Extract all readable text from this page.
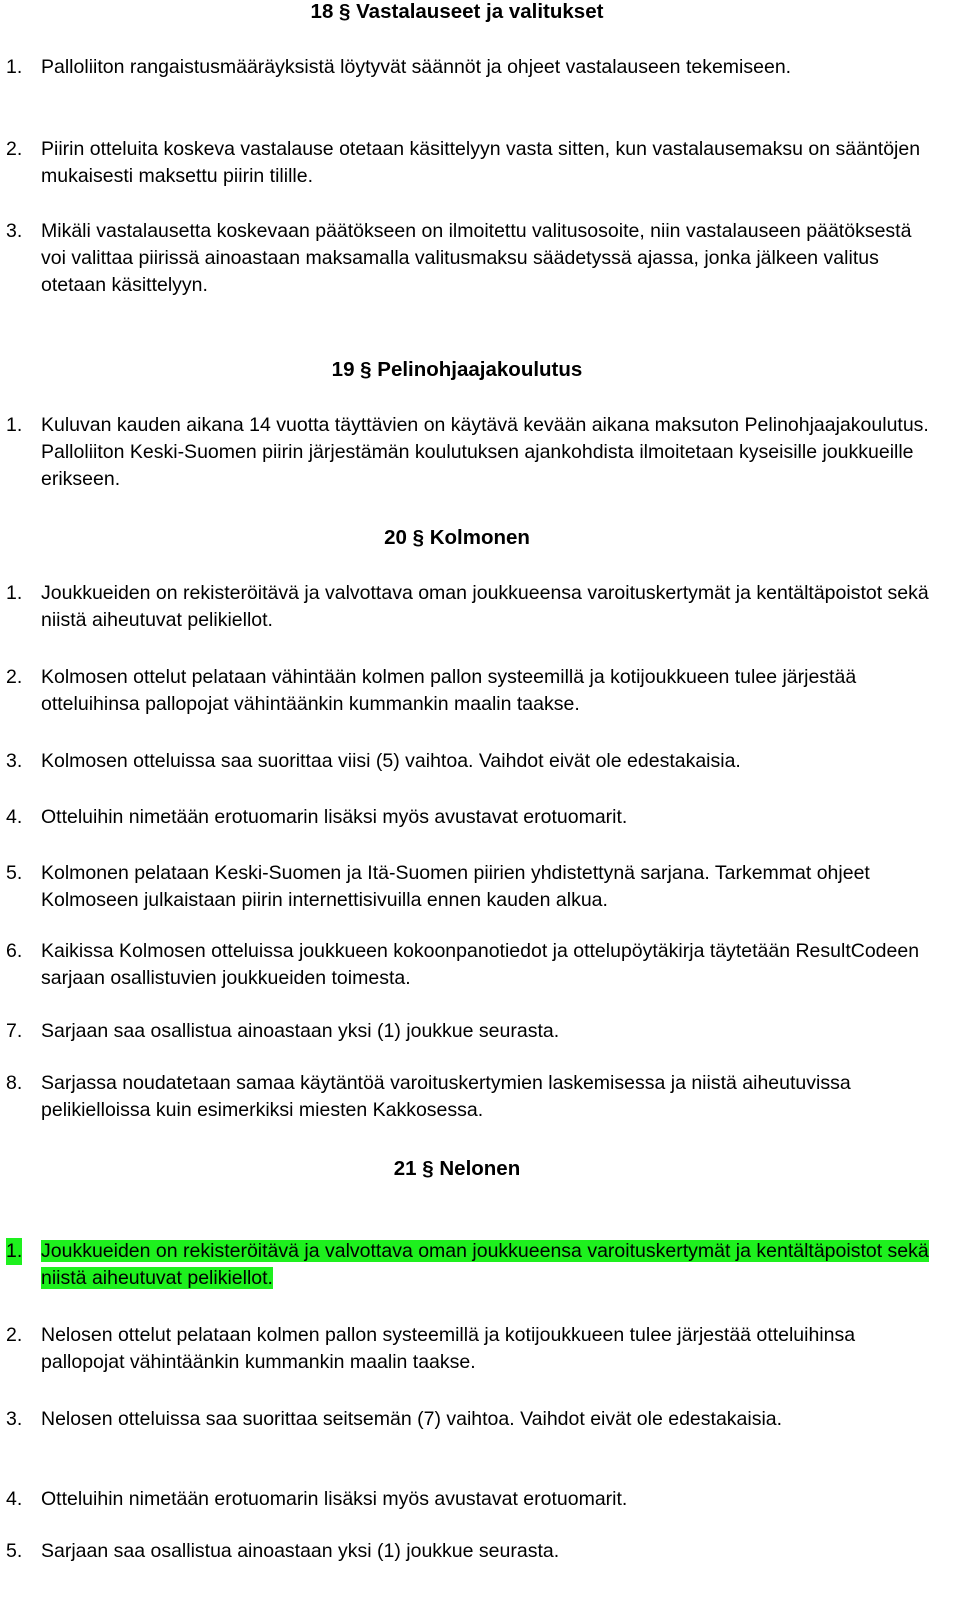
18 § Vastalauseet ja valitukset

1. Palloliiton rangaistusmääräyksistä löytyvät säännöt ja ohjeet vastalauseen tekemiseen.

2. Piirin otteluita koskeva vastalause otetaan käsittelyyn vasta sitten, kun vastalausemaksu on sääntöjen mukaisesti maksettu piirin tilille.

3. Mikäli vastalausetta koskevaan päätökseen on ilmoitettu valitusosoite, niin vastalauseen päätöksestä voi valittaa piirissä ainoastaan maksamalla valitusmaksu säädetyssä ajassa, jonka jälkeen valitus otetaan käsittelyyn.

19 § Pelinohjaajakoulutus

1. Kuluvan kauden aikana 14 vuotta täyttävien on käytävä kevään aikana maksuton Pelinohjaajakoulutus. Palloliiton Keski-Suomen piirin järjestämän koulutuksen ajankohdista ilmoitetaan kyseisille joukkueille erikseen.

20 § Kolmonen

1. Joukkueiden on rekisteröitävä ja valvottava oman joukkueensa varoituskertymät ja kentältäpoistot sekä niistä aiheutuvat pelikiellot.

2. Kolmosen ottelut pelataan vähintään kolmen pallon systeemillä ja kotijoukkueen tulee järjestää otteluihinsa pallopojat vähintäänkin kummankin maalin taakse.

3. Kolmosen otteluissa saa suorittaa viisi (5) vaihtoa. Vaihdot eivät ole edestakaisia.

4. Otteluihin nimetään erotuomarin lisäksi myös avustavat erotuomarit.

5. Kolmonen pelataan Keski-Suomen ja Itä-Suomen piirien yhdistettynä sarjana. Tarkemmat ohjeet Kolmoseen julkaistaan piirin internettisivuilla ennen kauden alkua.

6. Kaikissa Kolmosen otteluissa joukkueen kokoonpanotiedot ja ottelupöytäkirja täytetään ResultCodeen sarjaan osallistuvien joukkueiden toimesta.

7. Sarjaan saa osallistua ainoastaan yksi (1) joukkue seurasta.

8. Sarjassa noudatetaan samaa käytäntöä varoituskertymien laskemisessa ja niistä aiheutuvissa pelikielloissa kuin esimerkiksi miesten Kakkosessa.

21 § Nelonen

1. Joukkueiden on rekisteröitävä ja valvottava oman joukkueensa varoituskertymät ja kentältäpoistot sekä niistä aiheutuvat pelikiellot.

2. Nelosen ottelut pelataan kolmen pallon systeemillä ja kotijoukkueen tulee järjestää otteluihinsa pallopojat vähintäänkin kummankin maalin taakse.

3. Nelosen otteluissa saa suorittaa seitsemän (7) vaihtoa. Vaihdot eivät ole edestakaisia.

4. Otteluihin nimetään erotuomarin lisäksi myös avustavat erotuomarit.

5. Sarjaan saa osallistua ainoastaan yksi (1) joukkue seurasta.
